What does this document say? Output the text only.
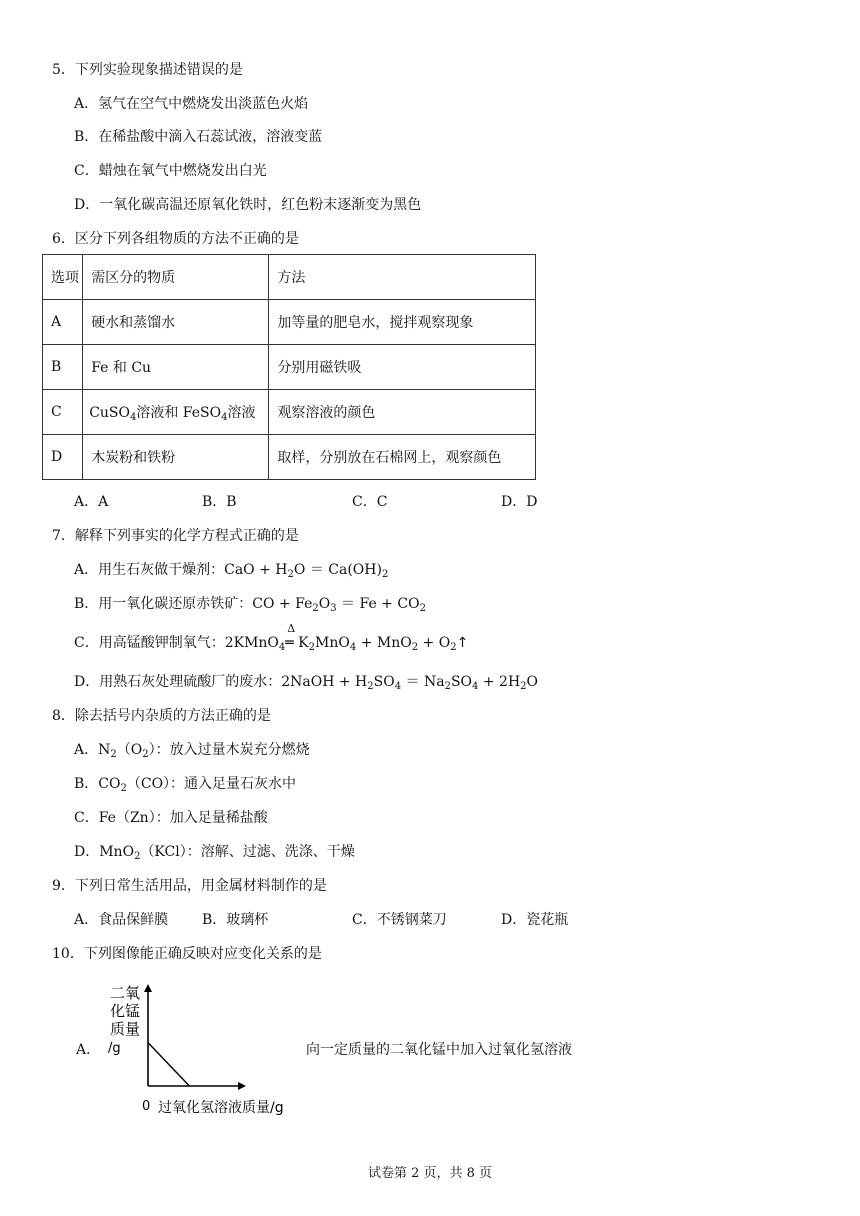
5．下列实验现象描述错误的是
A．氢气在空气中燃烧发出淡蓝色火焰
B．在稀盐酸中滴入石蕊试液，溶液变蓝
C．蜡烛在氧气中燃烧发出白光
D．一氧化碳高温还原氧化铁时，红色粉末逐渐变为黑色
6．区分下列各组物质的方法不正确的是
选项	需区分的物质	方法
A	硬水和蒸馏水	加等量的肥皂水，搅拌观察现象
B	Fe 和 Cu	分别用磁铁吸
C	CuSO$_4$溶液和 FeSO$_4$溶液	观察溶液的颜色
D	木炭粉和铁粉	取样，分别放在石棉网上，观察颜色
A．A	B．B	C．C	D．D
7．解释下列事实的化学方程式正确的是
A．用生石灰做干燥剂：CaO + $H_2O = Ca(OH)_2$
B．用一氧化碳还原赤铁矿：CO + $Fe_2O_3 = Fe + CO_2$
C．用高锰酸钾制氧气：2KMnO$_4$
Δ
═ $K_2MnO_4 + MnO_2$ + $O_2↑$
D．用熟石灰处理硫酸厂的废水：2NaOH + $H_2SO_4 = Na_2SO_4 + 2H_2O$
8．除去括号内杂质的方法正确的是
A．$N_2(O_2)$：放入过量木炭充分燃烧
B．$CO_2(CO)$：通入足量石灰水中
C．Fe（Zn）：加入足量稀盐酸
D．MnO$_2$（KCl）：溶解、过滤、洗涤、干燥
9．下列日常生活用品，用金属材料制作的是
A．食品保鲜膜 B．玻璃杯	C．不锈钢菜刀	D．瓷花瓶
10．下列图像能正确反映对应变化关系的是
A．
二氧
化锰
质量
/g
0 过氧化氢溶液质量/g
向一定质量的二氧化锰中加入过氧化氢溶液
试卷第 2 页，共 8 页
